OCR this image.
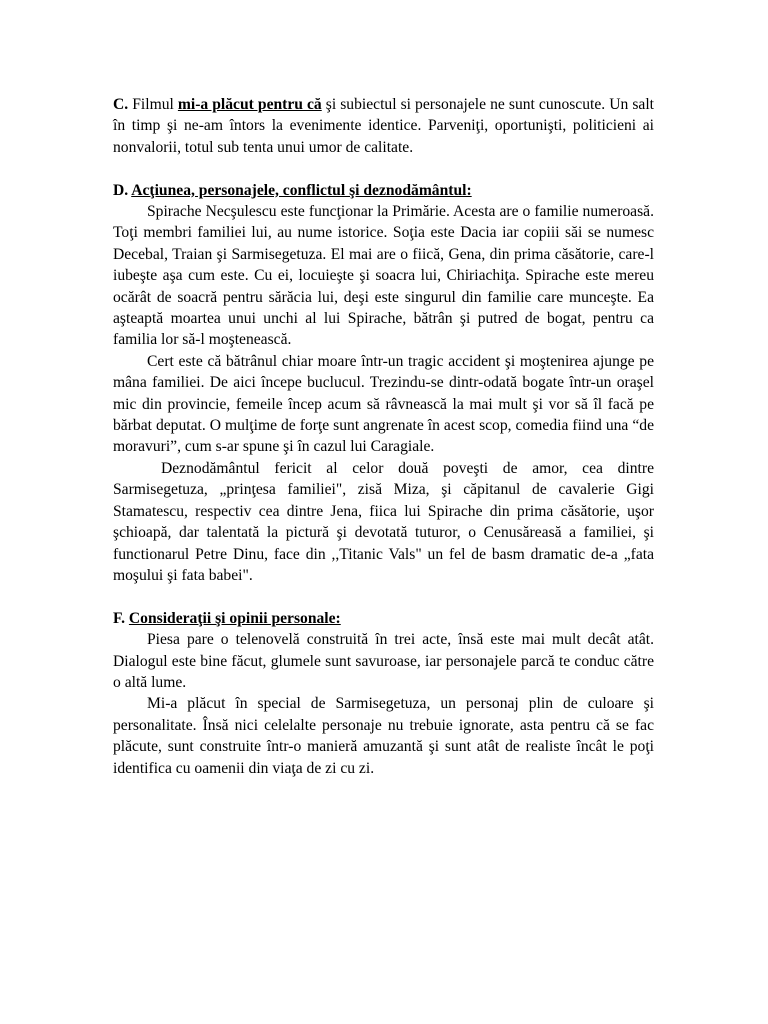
C. Filmul mi-a plăcut pentru că şi subiectul si personajele ne sunt cunoscute. Un salt în timp şi ne-am întors la evenimente identice. Parveniţi, oportunişti, politicieni ai nonvalorii, totul sub tenta unui umor de calitate.

D. Acţiunea, personajele, conflictul şi deznodământul:

Spirache Necşulescu este funcţionar la Primărie. Acesta are o familie numeroasă. Toţi membri familiei lui, au nume istorice. Soţia este Dacia iar copiii săi se numesc Decebal, Traian şi Sarmisegetuza. El mai are o fiică, Gena, din prima căsătorie, care-l iubeşte aşa cum este. Cu ei, locuieşte şi soacra lui, Chiriachiţa. Spirache este mereu ocărât de soacră pentru sărăcia lui, deşi este singurul din familie care munceşte. Ea aşteaptă moartea unui unchi al lui Spirache, bătrân şi putred de bogat, pentru ca familia lor să-l moştenească.

Cert este că bătrânul chiar moare într-un tragic accident şi moştenirea ajunge pe mâna familiei. De aici începe buclucul. Trezindu-se dintr-odată bogate într-un oraşel mic din provincie, femeile încep acum să râvnească la mai mult şi vor să îl facă pe bărbat deputat. O mulţime de forţe sunt angrenate în acest scop, comedia fiind una “de moravuri”, cum s-ar spune şi în cazul lui Caragiale.

Deznodământul fericit al celor două poveşti de amor, cea dintre Sarmisegetuza, „prinţesa familiei", zisă Miza, şi căpitanul de cavalerie Gigi Stamatescu, respectiv cea dintre Jena, fiica lui Spirache din prima căsătorie, uşor şchioapă, dar talentată la pictură şi devotată tuturor, o Cenusăreasă a familiei, şi functionarul Petre Dinu, face din ,,Titanic Vals" un fel de basm dramatic de-a „fata moşului şi fata babei".

F. Consideraţii şi opinii personale:

Piesa pare o telenovelă construită în trei acte, însă este mai mult decât atât. Dialogul este bine făcut, glumele sunt savuroase, iar personajele parcă te conduc către o altă lume.

Mi-a plăcut în special de Sarmisegetuza, un personaj plin de culoare şi personalitate. Însă nici celelalte personaje nu trebuie ignorate, asta pentru că se fac plăcute, sunt construite într-o manieră amuzantă şi sunt atât de realiste încât le poţi identifica cu oamenii din viaţa de zi cu zi.
